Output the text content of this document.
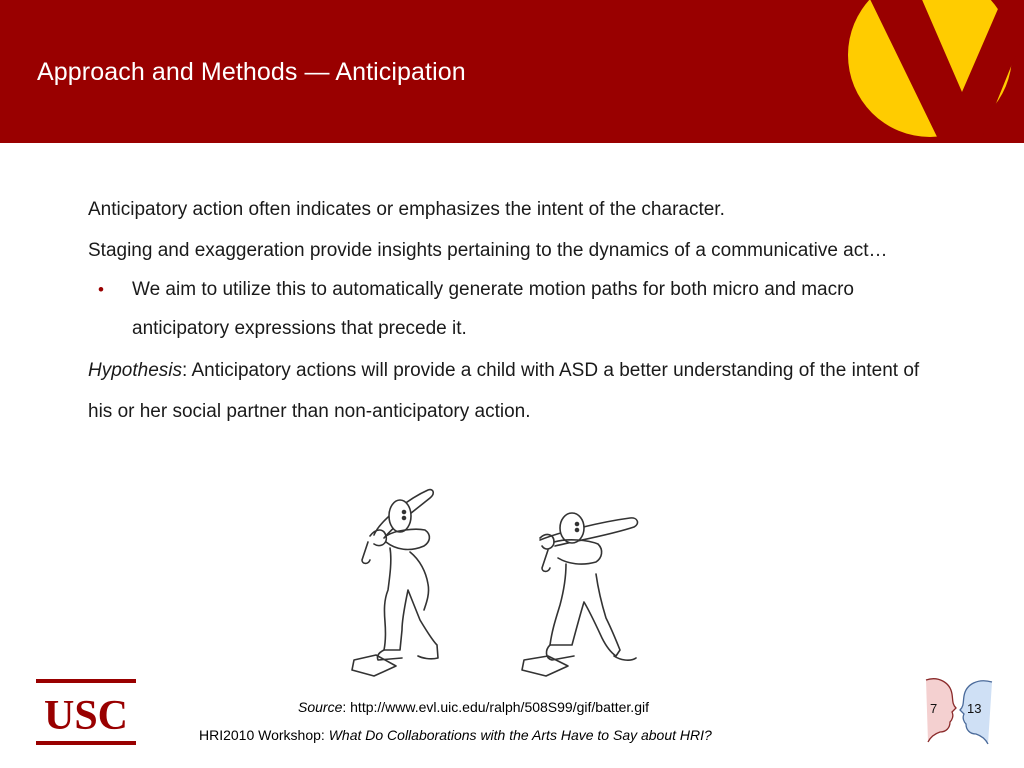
Approach and Methods — Anticipation

Anticipatory action often indicates or emphasizes the intent of the character.

Staging and exaggeration provide insights pertaining to the dynamics of a communicative act…

• We aim to utilize this to automatically generate motion paths for both micro and macro anticipatory expressions that precede it.

Hypothesis: Anticipatory actions will provide a child with ASD a better understanding of the intent of his or her social partner than non-anticipatory action.

USC	Source: http://www.evl.uic.edu/ralph/508S99/gif/batter.gif
HRI2010 Workshop: What Do Collaborations with the Arts Have to Say about HRI?
7 13
